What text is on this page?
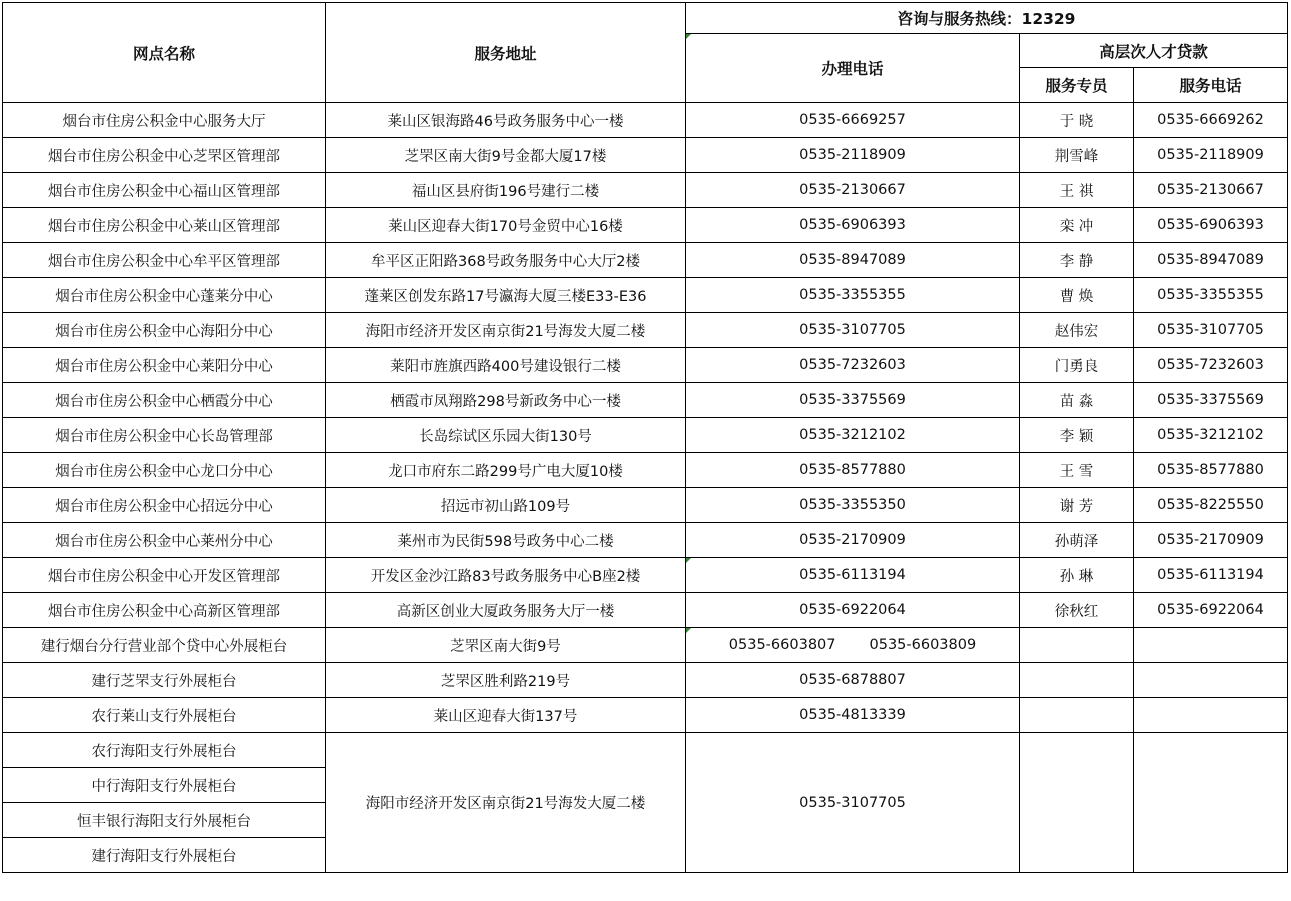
网点名称	服务地址	咨询与服务热线：12329		
		办理电话	高层次人才贷款	
			服务专员	服务电话
烟台市住房公积金中心服务大厅	莱山区银海路46号政务服务中心一楼	0535-6669257	于 晓	0535-6669262
烟台市住房公积金中心芝罘区管理部	芝罘区南大街9号金都大厦17楼	0535-2118909	荆雪峰	0535-2118909
烟台市住房公积金中心福山区管理部	福山区县府街196号建行二楼	0535-2130667	王 祺	0535-2130667
烟台市住房公积金中心莱山区管理部	莱山区迎春大街170号金贸中心16楼	0535-6906393	栾 冲	0535-6906393
烟台市住房公积金中心牟平区管理部	牟平区正阳路368号政务服务中心大厅2楼	0535-8947089	李 静	0535-8947089
烟台市住房公积金中心蓬莱分中心	蓬莱区创发东路17号瀛海大厦三楼E33-E36	0535-3355355	曹 焕	0535-3355355
烟台市住房公积金中心海阳分中心	海阳市经济开发区南京街21号海发大厦二楼	0535-3107705	赵伟宏	0535-3107705
烟台市住房公积金中心莱阳分中心	莱阳市旌旗西路400号建设银行二楼	0535-7232603	门勇良	0535-7232603
烟台市住房公积金中心栖霞分中心	栖霞市凤翔路298号新政务中心一楼	0535-3375569	苗 淼	0535-3375569
烟台市住房公积金中心长岛管理部	长岛综试区乐园大街130号	0535-3212102	李 颖	0535-3212102
烟台市住房公积金中心龙口分中心	龙口市府东二路299号广电大厦10楼	0535-8577880	王 雪	0535-8577880
烟台市住房公积金中心招远分中心	招远市初山路109号	0535-3355350	谢 芳	0535-8225550
烟台市住房公积金中心莱州分中心	莱州市为民街598号政务中心二楼	0535-2170909	孙萌泽	0535-2170909
烟台市住房公积金中心开发区管理部	开发区金沙江路83号政务服务中心B座2楼	0535-6113194	孙 琳	0535-6113194
烟台市住房公积金中心高新区管理部	高新区创业大厦政务服务大厅一楼	0535-6922064	徐秋红	0535-6922064
建行烟台分行营业部个贷中心外展柜台	芝罘区南大街9号	0535-6603807 0535-6603809		
建行芝罘支行外展柜台	芝罘区胜利路219号	0535-6878807		
农行莱山支行外展柜台	莱山区迎春大街137号	0535-4813339		
农行海阳支行外展柜台	海阳市经济开发区南京街21号海发大厦二楼	0535-3107705		
中行海阳支行外展柜台				
恒丰银行海阳支行外展柜台				
建行海阳支行外展柜台				
